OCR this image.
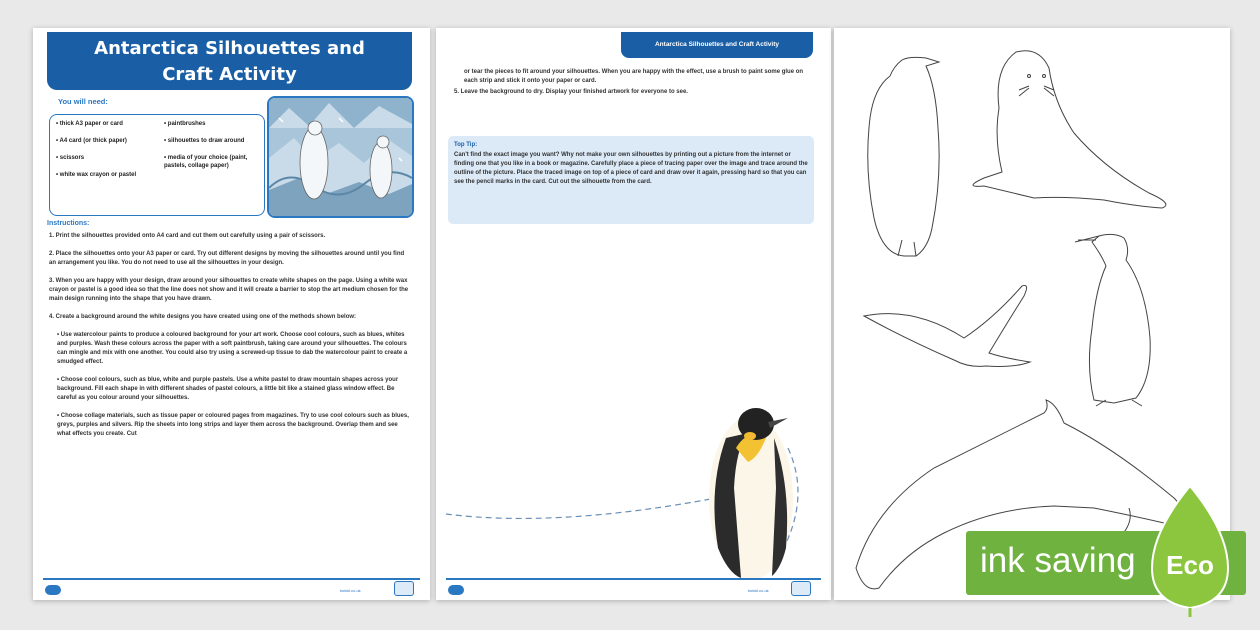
Antarctica Silhouettes and
Craft Activity
You will need:
• thick A3 paper or card
• A4 card (or thick paper)
• scissors
• white wax crayon or pastel
• paintbrushes
• silhouettes to draw around
• media of your choice (paint, pastels, collage paper)
Instructions:
1. Print the silhouettes provided onto A4 card and cut them out carefully using a pair of scissors.
2. Place the silhouettes onto your A3 paper or card. Try out different designs by moving the silhouettes around until you find an arrangement you like. You do not need to use all the silhouettes in your design.
3. When you are happy with your design, draw around your silhouettes to create white shapes on the page. Using a white wax crayon or pastel is a good idea so that the line does not show and it will create a barrier to stop the art medium chosen for the main design running into the shape that you have drawn.
4. Create a background around the white designs you have created using one of the methods shown below:
• Use watercolour paints to produce a coloured background for your art work. Choose cool colours, such as blues, whites and purples. Wash these colours across the paper with a soft paintbrush, taking care around your silhouettes. The colours can mingle and mix with one another. You could also try using a screwed-up tissue to dab the watercolour paint to create a smudged effect.
• Choose cool colours, such as blue, white and purple pastels. Use a white pastel to draw mountain shapes across your background. Fill each shape in with different shades of pastel colours, a little bit like a stained glass window effect. Be careful as you colour around your silhouettes.
• Choose collage materials, such as tissue paper or coloured pages from magazines. Try to use cool colours such as blues, greys, purples and silvers. Rip the sheets into long strips and layer them across the background. Overlap them and see what effects you create. Cut
twinkl.co.uk
Antarctica Silhouettes and Craft Activity
or tear the pieces to fit around your silhouettes. When you are happy with the effect, use a brush to paint some glue on each strip and stick it onto your paper or card.
5. Leave the background to dry. Display your finished artwork for everyone to see.
Top Tip:
Can't find the exact image you want? Why not make your own silhouettes by printing out a picture from the internet or finding one that you like in a book or magazine. Carefully place a piece of tracing paper over the image and trace around the outline of the picture. Place the traced image on top of a piece of card and draw over it again, pressing hard so that you can see the pencil marks in the card. Cut out the silhouette from the card.
twinkl.co.uk
ink saving Eco
